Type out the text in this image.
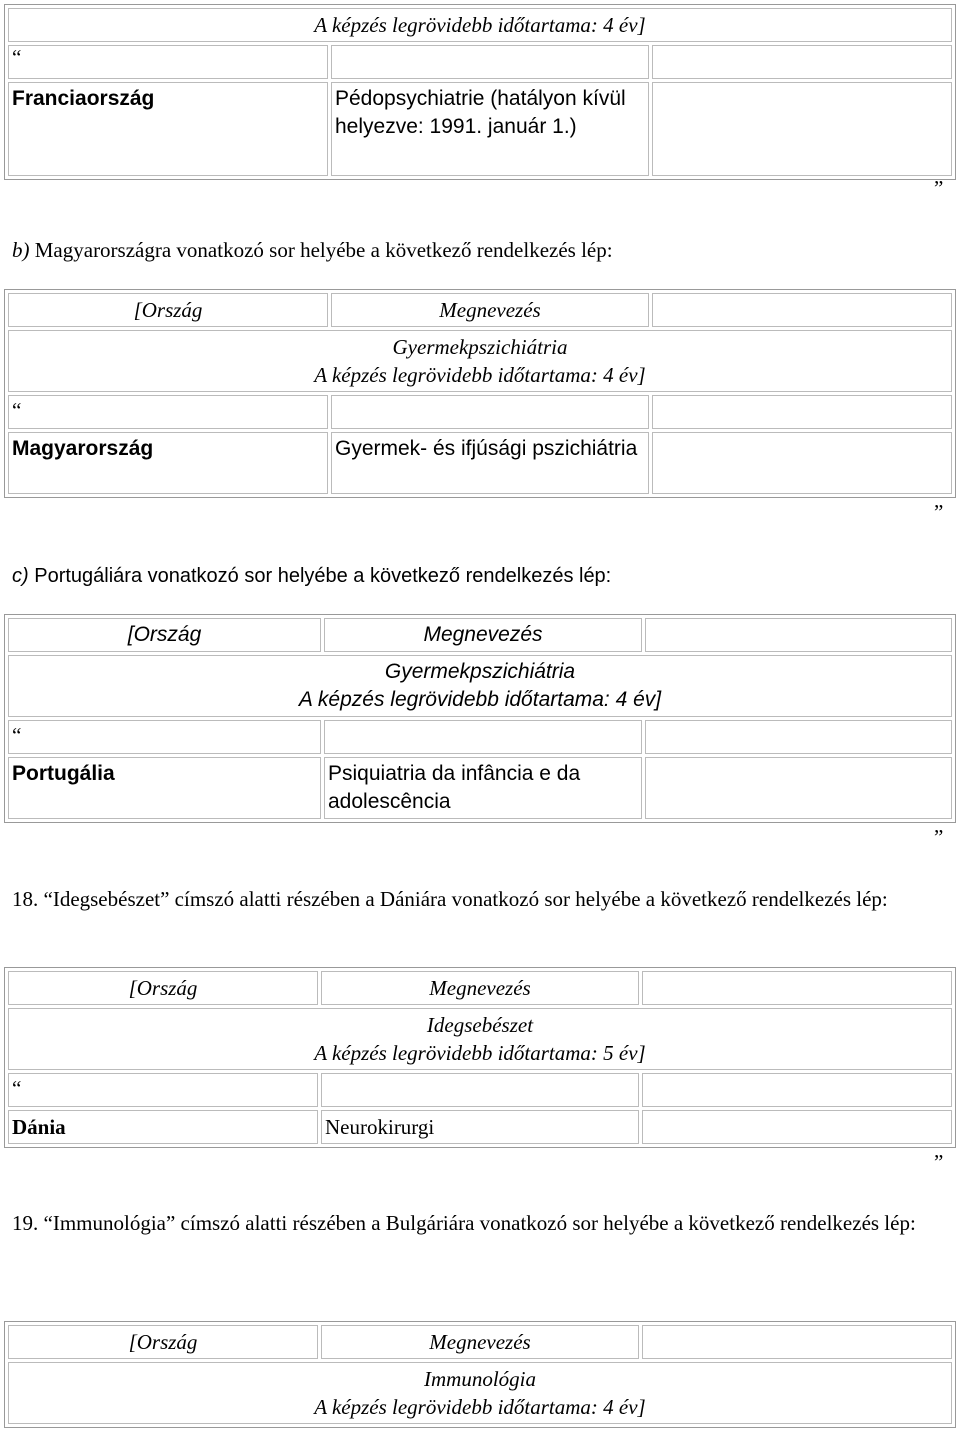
A képzés legrövidebb időtartama: 4 év]		

Franciaország	Pédopsychiatrie (hatályon kívül helyezve: 1991. január 1.)	
“
”
b) Magyarországra vonatkozó sor helyébe a következő rendelkezés lép:
[Ország	Megnevezés	

Gyermekpszichiátria
A képzés legrövidebb időtartama: 4 év]		

Magyarország	Gyermek- és ifjúsági pszichiátria	
“
”
c) Portugáliára vonatkozó sor helyébe a következő rendelkezés lép:
[Ország	Megnevezés	

Gyermekpszichiátria
A képzés legrövidebb időtartama: 4 év]		

Portugália	Psiquiatria da infância e da adolescência	
“
”
18. “Idegsebészet” címszó alatti részében a Dániára vonatkozó sor helyébe a következő rendelkezés lép:
[Ország	Megnevezés	

Idegsebészet
A képzés legrövidebb időtartama: 5 év]		

Dánia	Neurokirurgi	
“
”
19. “Immunológia” címszó alatti részében a Bulgáriára vonatkozó sor helyébe a következő rendelkezés lép:
[Ország	Megnevezés	

Immunológia
A képzés legrövidebb időtartama: 4 év]
